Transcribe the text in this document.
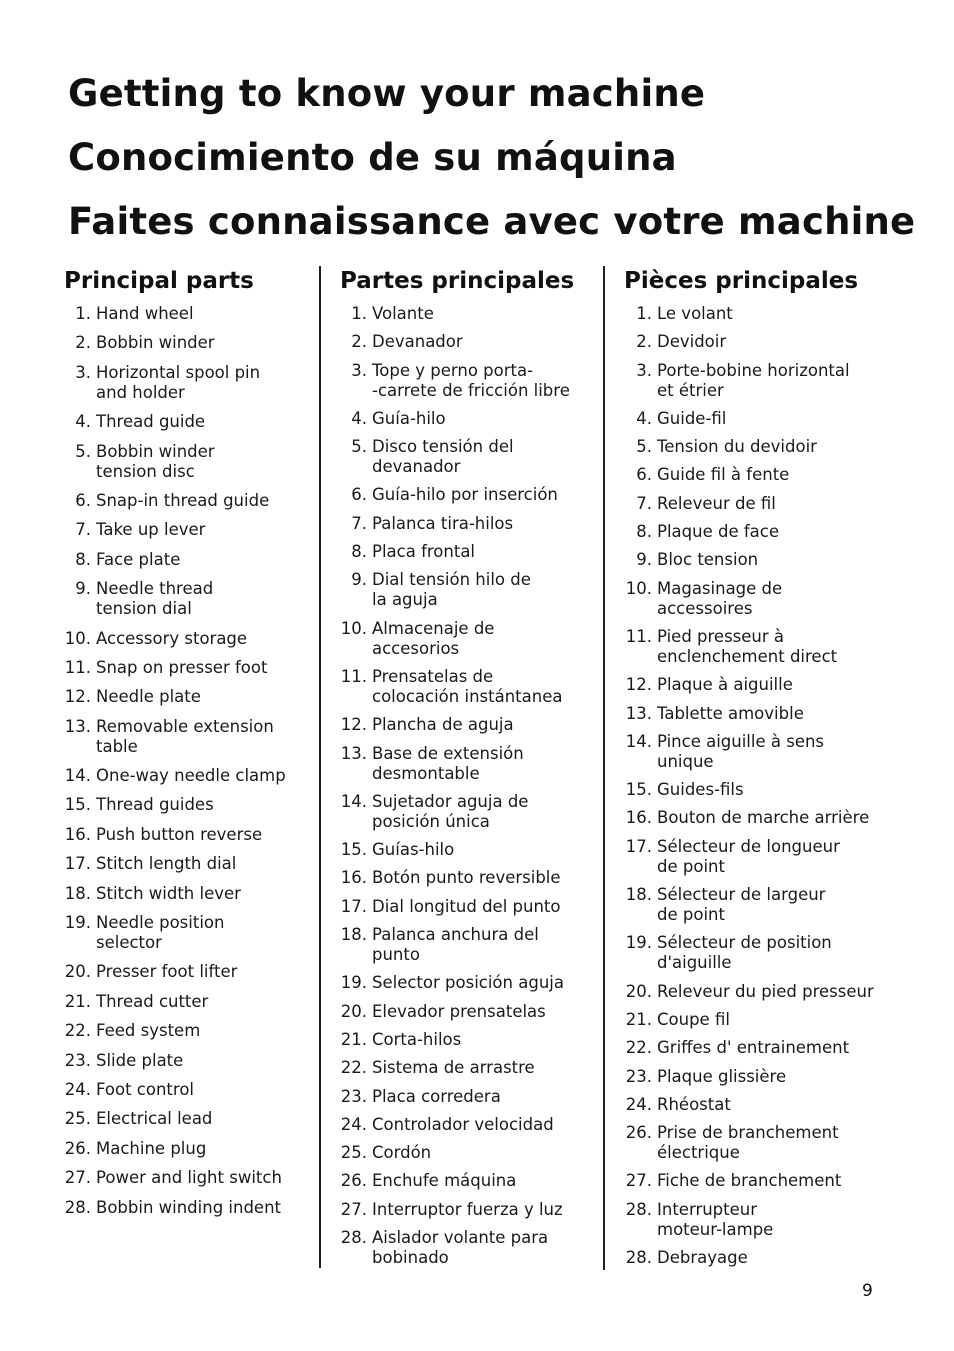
Getting to know your machine
Conocimiento de su máquina
Faites connaissance avec votre machine
Principal parts
1. Hand wheel
2. Bobbin winder
3. Horizontal spool pin
and holder
4. Thread guide
5. Bobbin winder
tension disc
6. Snap-in thread guide
7. Take up lever
8. Face plate
9. Needle thread
tension dial
10. Accessory storage
11. Snap on presser foot
12. Needle plate
13. Removable extension
table
14. One-way needle clamp
15. Thread guides
16. Push button reverse
17. Stitch length dial
18. Stitch width lever
19. Needle position
selector
20. Presser foot lifter
21. Thread cutter
22. Feed system
23. Slide plate
24. Foot control
25. Electrical lead
26. Machine plug
27. Power and light switch
28. Bobbin winding indent
Partes principales
1. Volante
2. Devanador
3. Tope y perno porta-
-carrete de fricción libre
4. Guía-hilo
5. Disco tensión del
devanador
6. Guía-hilo por inserción
7. Palanca tira-hilos
8. Placa frontal
9. Dial tensión hilo de
la aguja
10. Almacenaje de
accesorios
11. Prensatelas de
colocación instántanea
12. Plancha de aguja
13. Base de extensión
desmontable
14. Sujetador aguja de
posición única
15. Guías-hilo
16. Botón punto reversible
17. Dial longitud del punto
18. Palanca anchura del
punto
19. Selector posición aguja
20. Elevador prensatelas
21. Corta-hilos
22. Sistema de arrastre
23. Placa corredera
24. Controlador velocidad
25. Cordón
26. Enchufe máquina
27. Interruptor fuerza y luz
28. Aislador volante para
bobinado
Pièces principales
1. Le volant
2. Devidoir
3. Porte-bobine horizontal
et étrier
4. Guide-fil
5. Tension du devidoir
6. Guide fil à fente
7. Releveur de fil
8. Plaque de face
9. Bloc tension
10. Magasinage de
accessoires
11. Pied presseur à
enclenchement direct
12. Plaque à aiguille
13. Tablette amovible
14. Pince aiguille à sens
unique
15. Guides-fils
16. Bouton de marche arrière
17. Sélecteur de longueur
de point
18. Sélecteur de largeur
de point
19. Sélecteur de position
d'aiguille
20. Releveur du pied presseur
21. Coupe fil
22. Griffes d' entrainement
23. Plaque glissière
24. Rhéostat
26. Prise de branchement
électrique
27. Fiche de branchement
28. Interrupteur
moteur-lampe
28. Debrayage
9
